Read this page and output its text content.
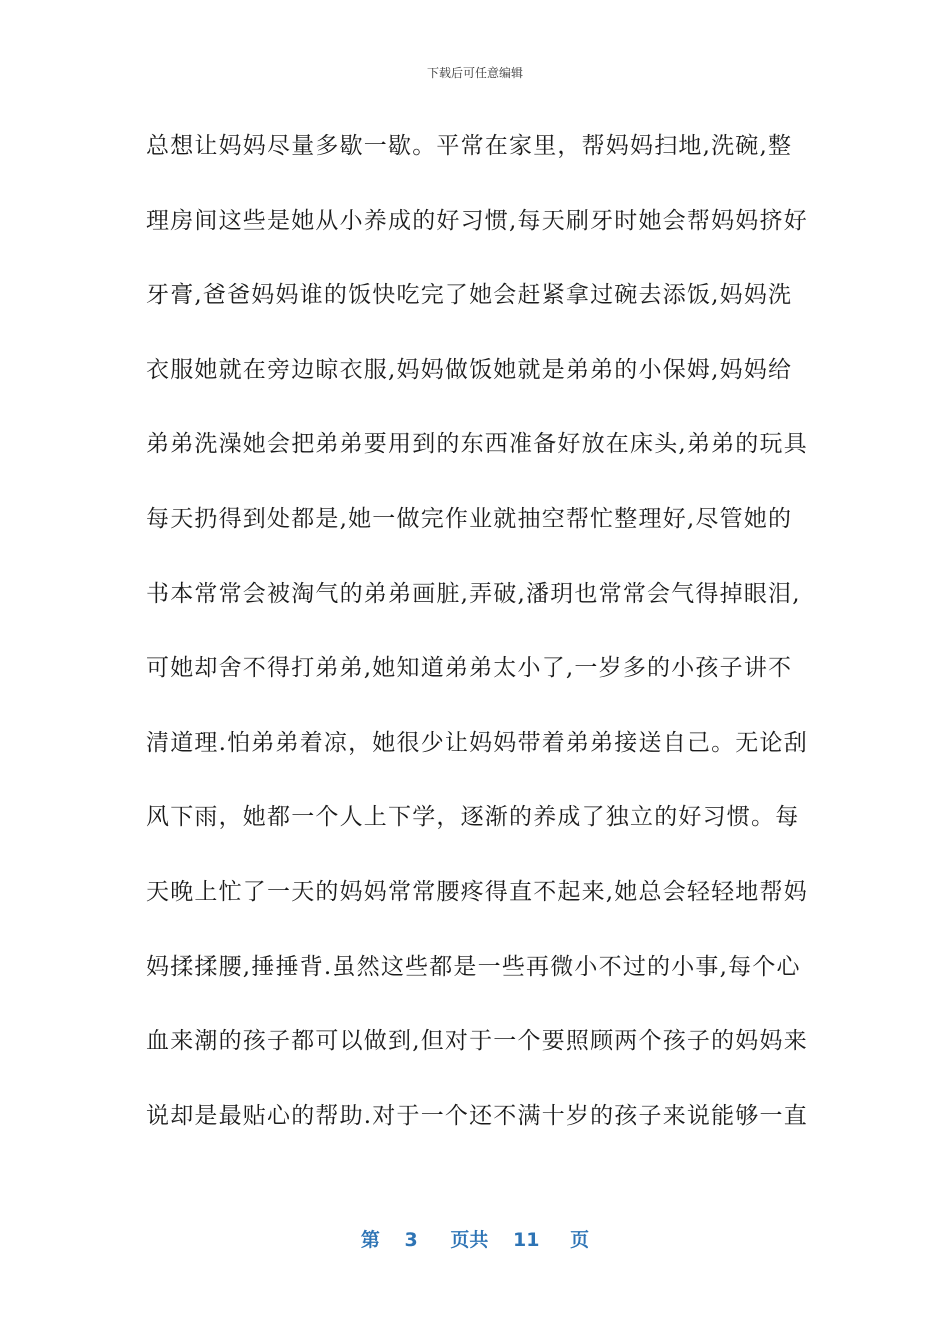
下载后可任意编辑
总想让妈妈尽量多歇一歇。平常在家里，帮妈妈扫地,洗碗,整
理房间这些是她从小养成的好习惯,每天刷牙时她会帮妈妈挤好
牙膏,爸爸妈妈谁的饭快吃完了她会赶紧拿过碗去添饭,妈妈洗
衣服她就在旁边晾衣服,妈妈做饭她就是弟弟的小保姆,妈妈给
弟弟洗澡她会把弟弟要用到的东西准备好放在床头,弟弟的玩具
每天扔得到处都是,她一做完作业就抽空帮忙整理好,尽管她的
书本常常会被淘气的弟弟画脏,弄破,潘玥也常常会气得掉眼泪,
可她却舍不得打弟弟,她知道弟弟太小了,一岁多的小孩子讲不
清道理.怕弟弟着凉，她很少让妈妈带着弟弟接送自己。无论刮
风下雨，她都一个人上下学，逐渐的养成了独立的好习惯。每
天晚上忙了一天的妈妈常常腰疼得直不起来,她总会轻轻地帮妈
妈揉揉腰,捶捶背.虽然这些都是一些再微小不过的小事,每个心
血来潮的孩子都可以做到,但对于一个要照顾两个孩子的妈妈来
说却是最贴心的帮助.对于一个还不满十岁的孩子来说能够一直
第 3 页共 11 页
